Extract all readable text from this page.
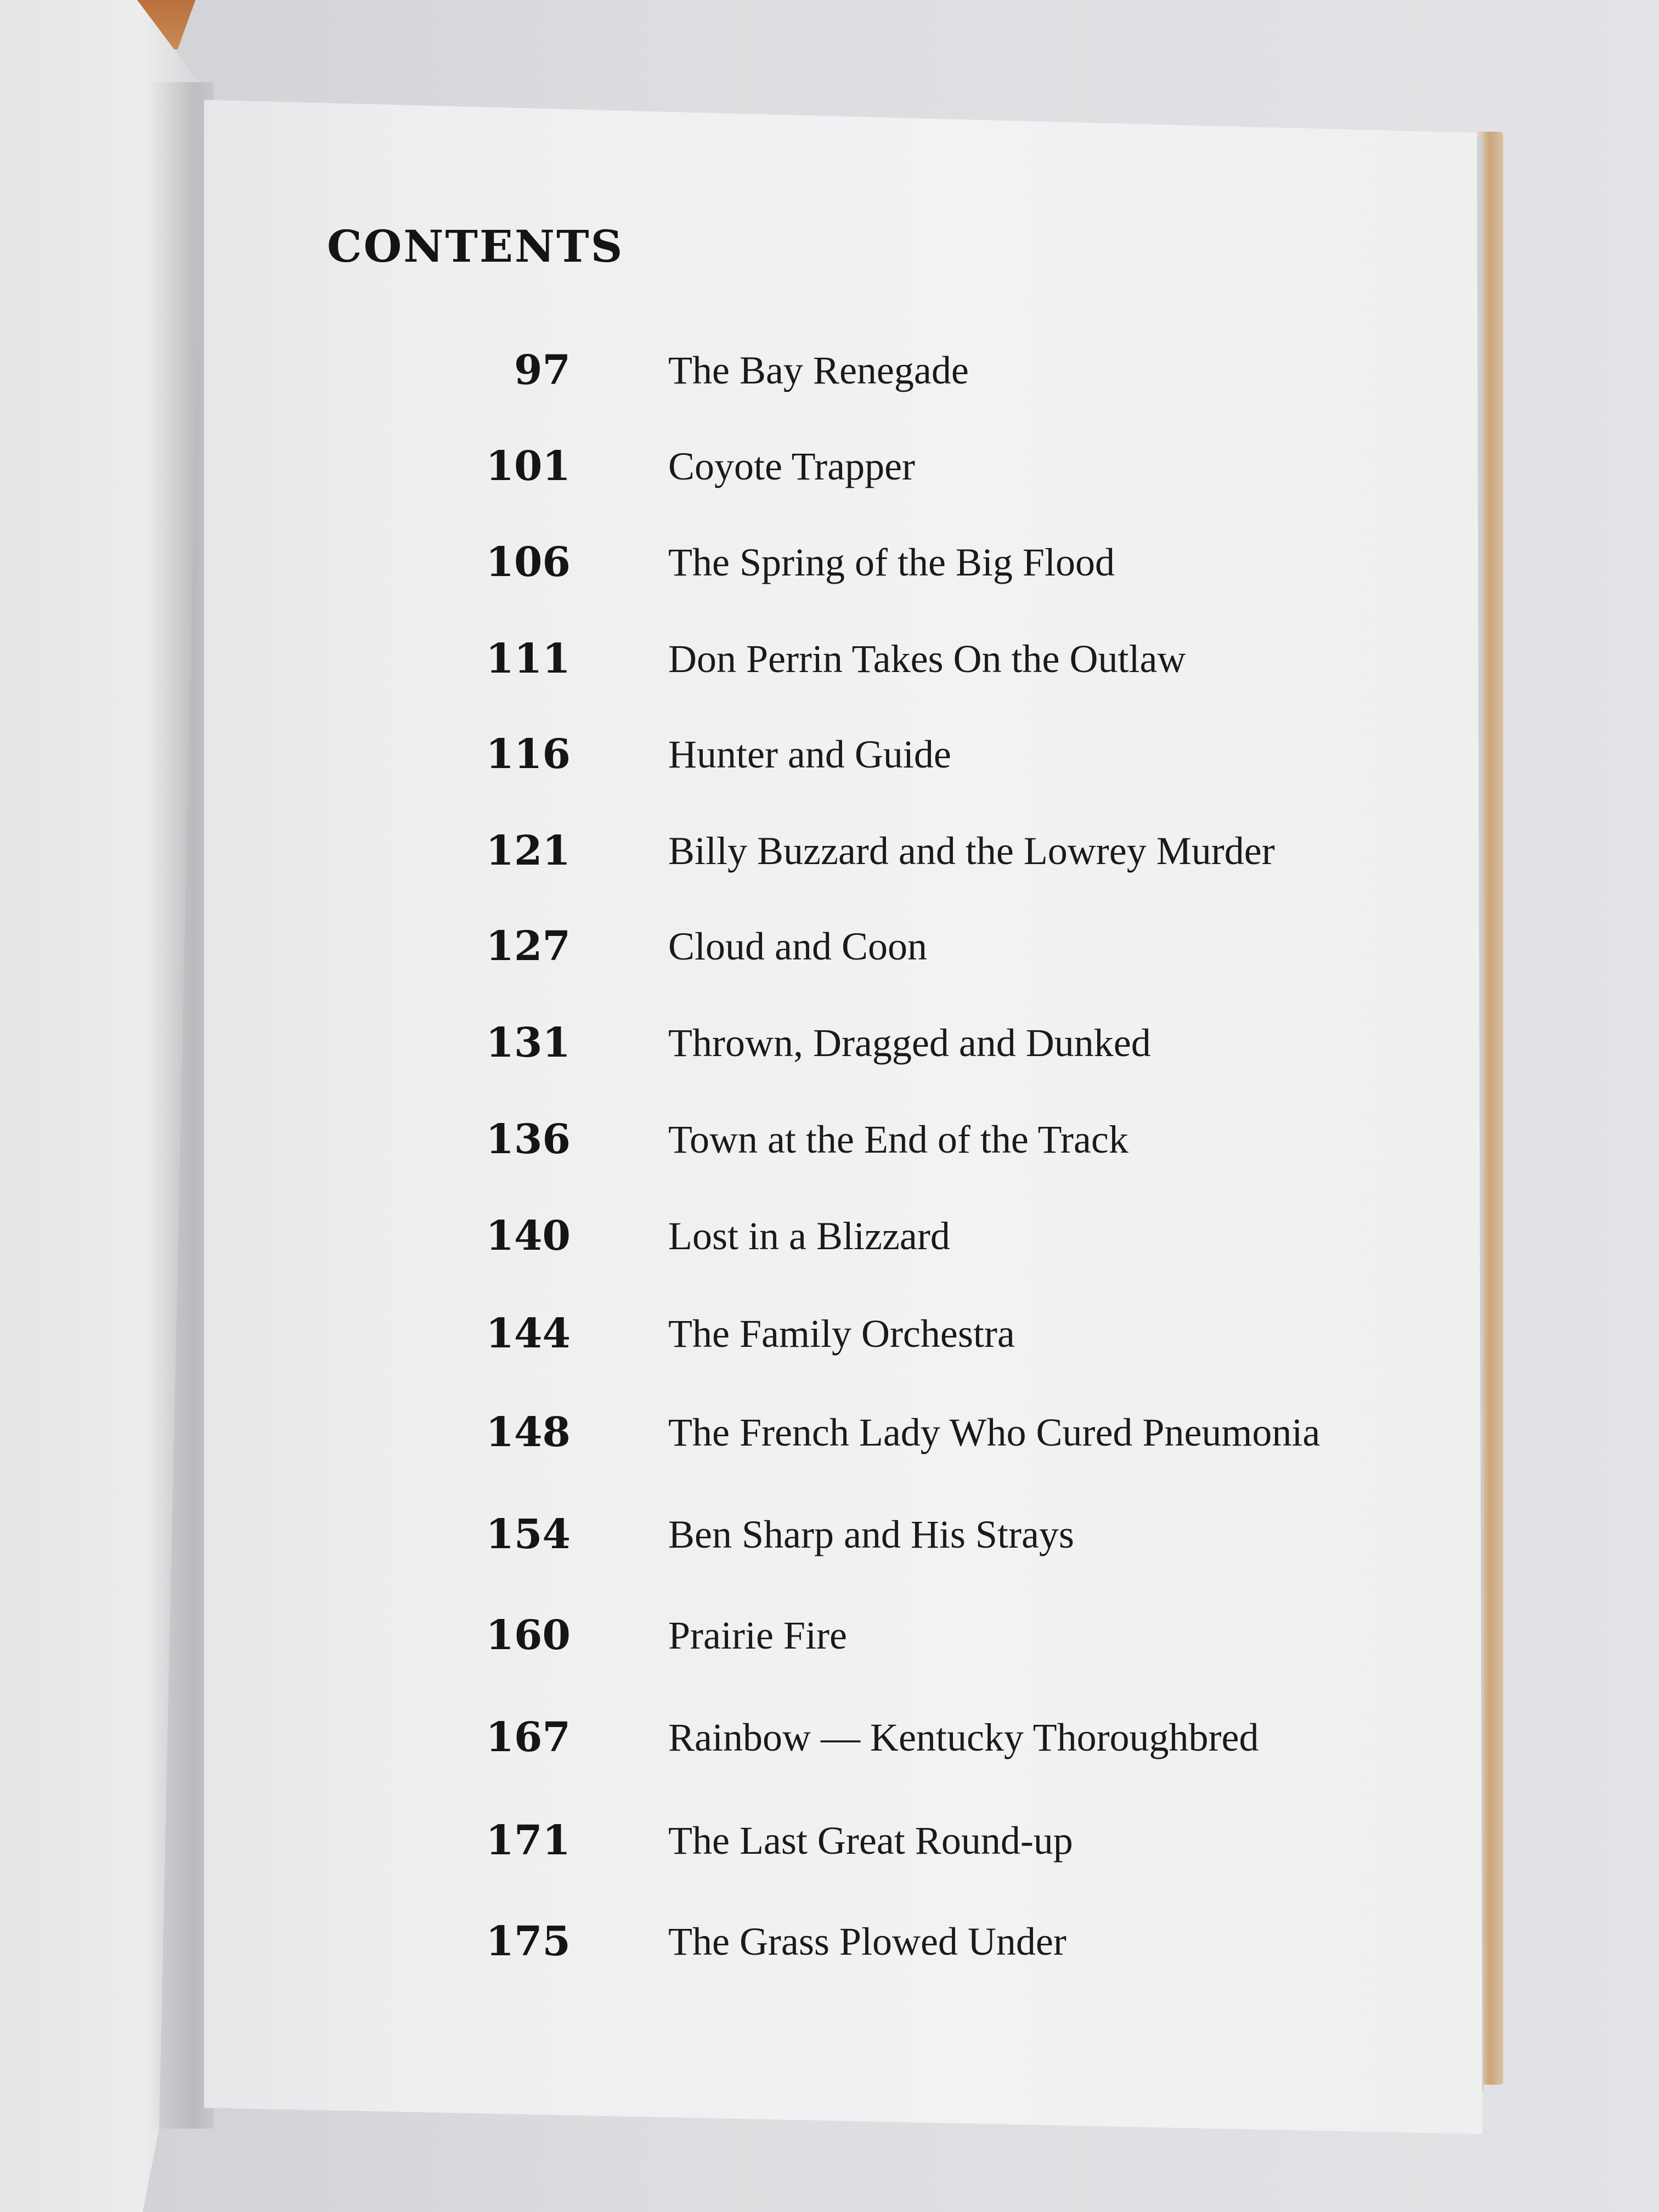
CONTENTS
97 The Bay Renegade
101 Coyote Trapper
106 The Spring of the Big Flood
111 Don Perrin Takes On the Outlaw
116 Hunter and Guide
121 Billy Buzzard and the Lowrey Murder
127 Cloud and Coon
131 Thrown, Dragged and Dunked
136 Town at the End of the Track
140 Lost in a Blizzard
144 The Family Orchestra
148 The French Lady Who Cured Pneumonia
154 Ben Sharp and His Strays
160 Prairie Fire
167 Rainbow — Kentucky Thoroughbred
171 The Last Great Round-up
175 The Grass Plowed Under
